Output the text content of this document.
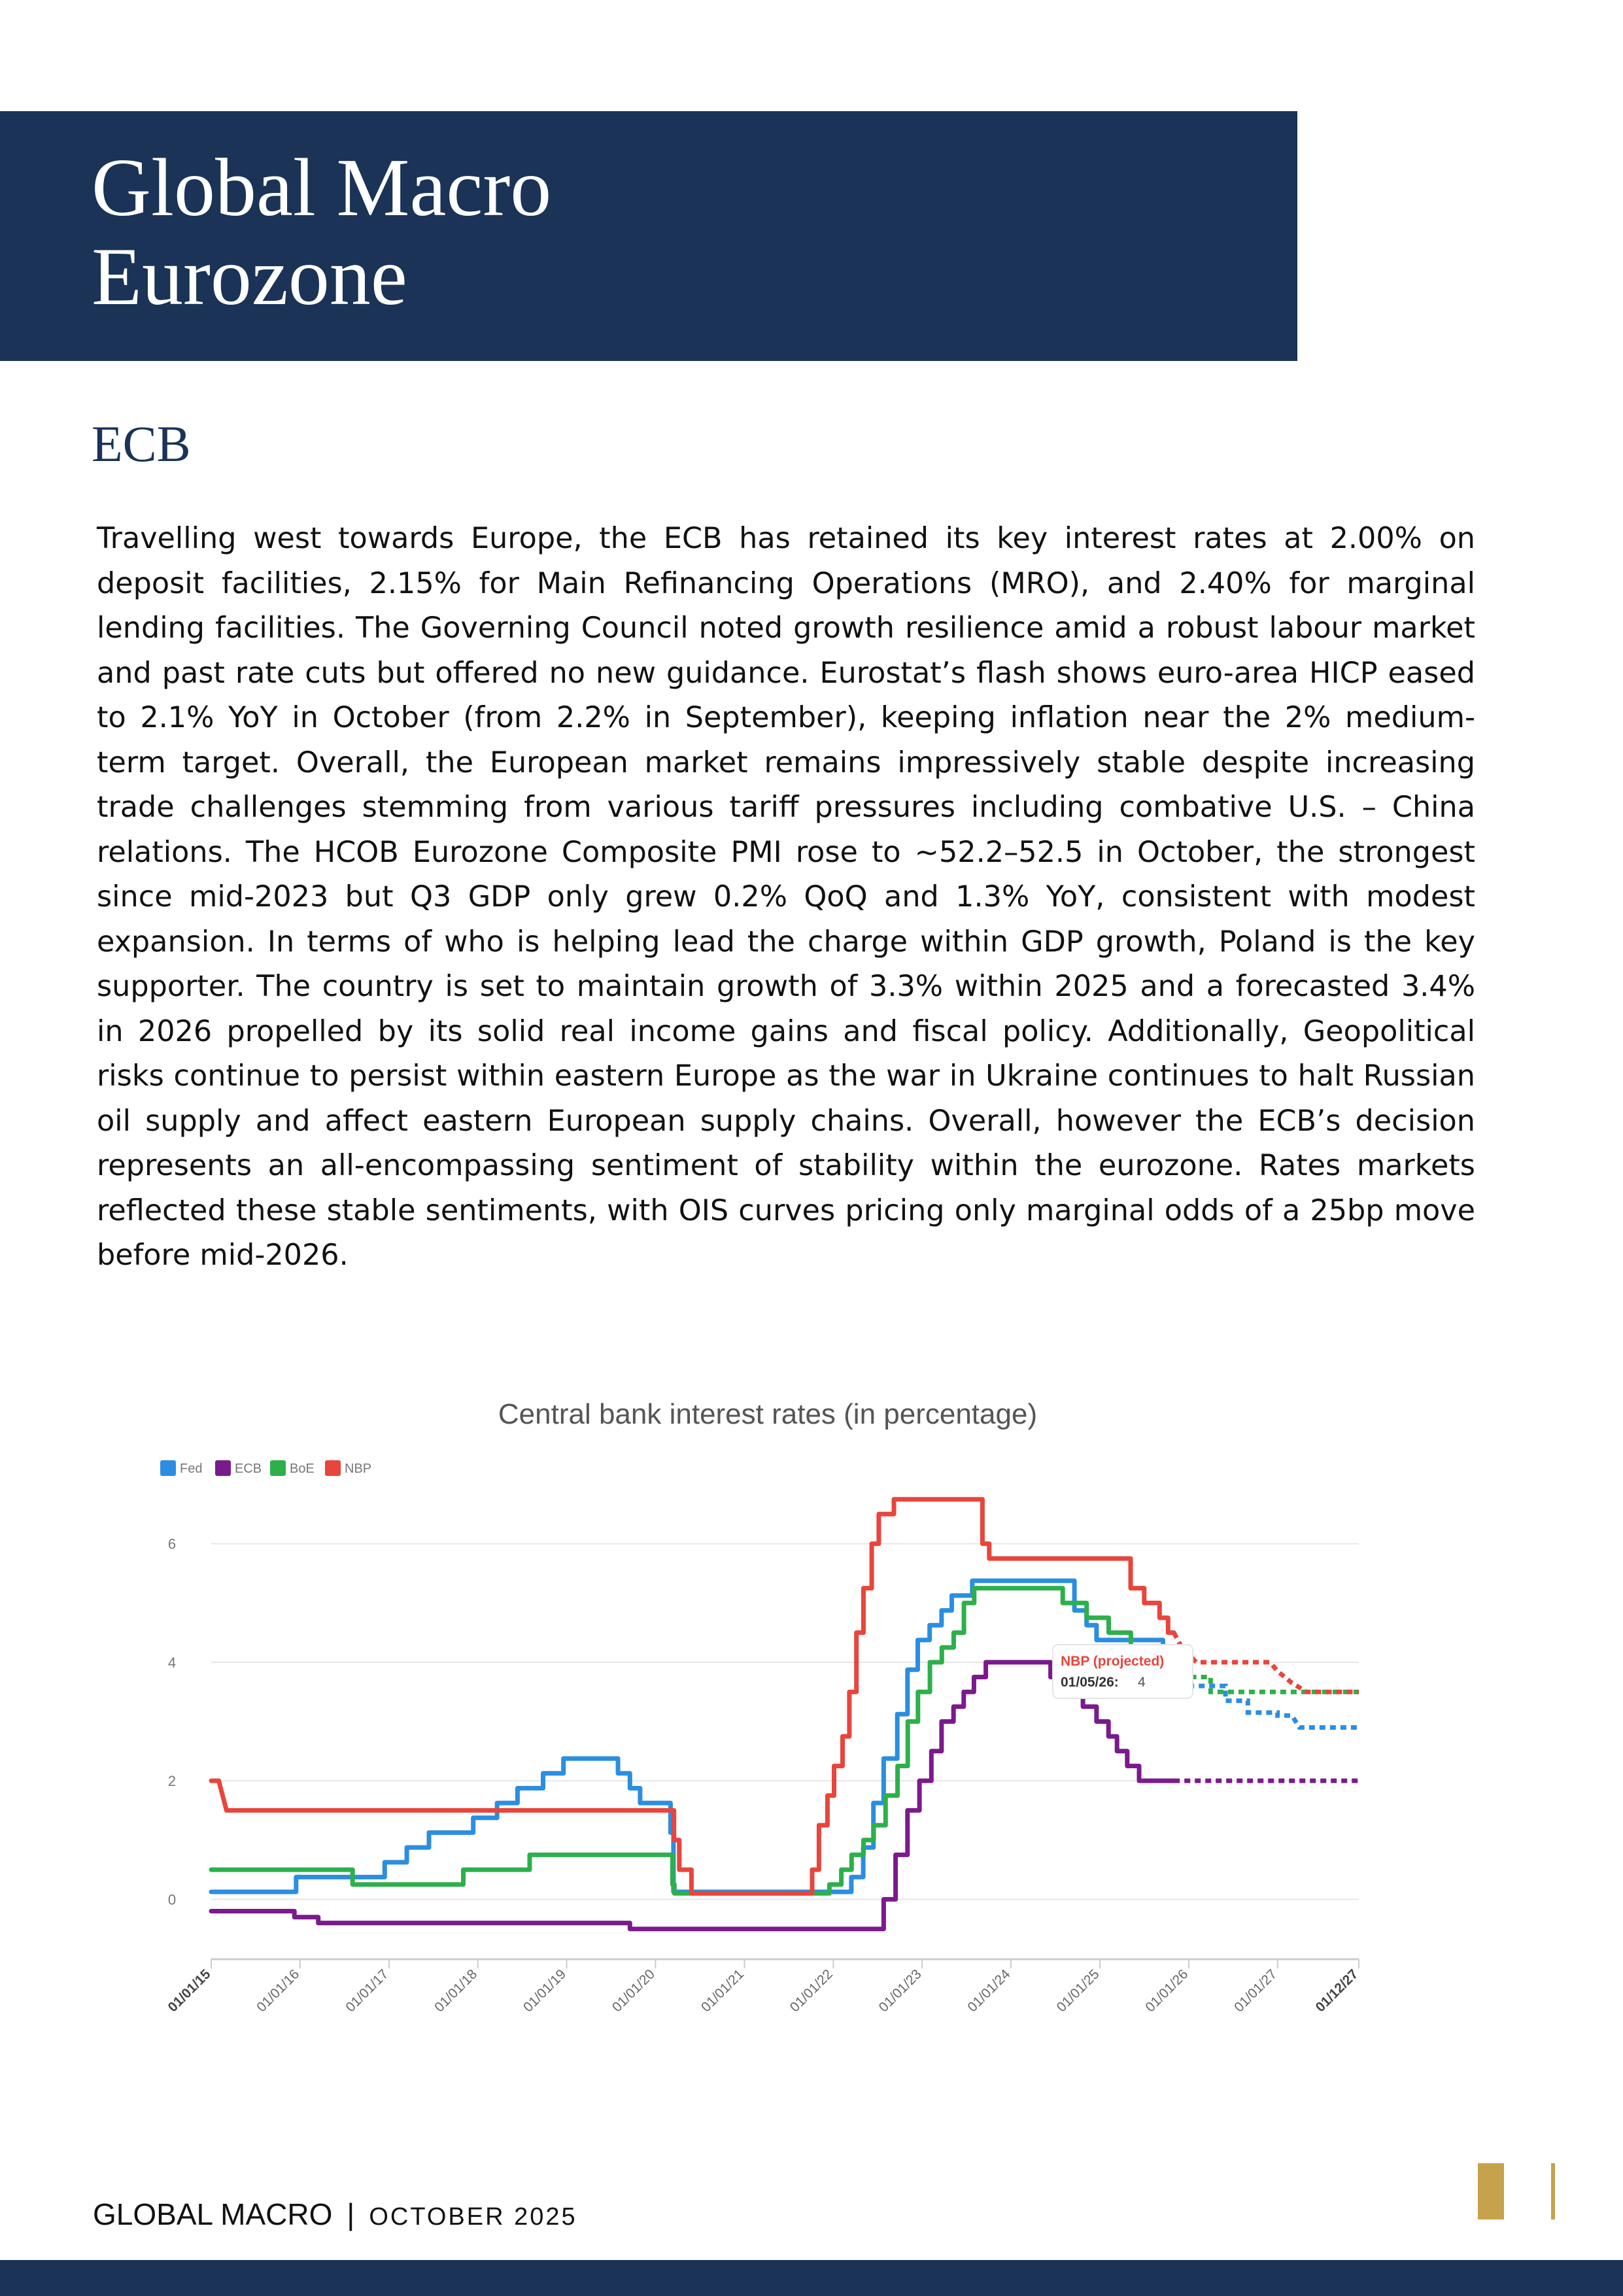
Global Macro
Eurozone
ECB

Travelling west towards Europe, the ECB has retained its key interest rates at 2.00% on deposit facilities, 2.15% for Main Refinancing Operations (MRO), and 2.40% for marginal lending facilities. The Governing Council noted growth resilience amid a robust labour market and past rate cuts but offered no new guidance. Eurostat’s flash shows euro-area HICP eased to 2.1% YoY in October (from 2.2% in September), keeping inflation near the 2% medium-term target. Overall, the European market remains impressively stable despite increasing trade challenges stemming from various tariff pressures including combative U.S. – China relations. The HCOB Eurozone Composite PMI rose to ~52.2–52.5 in October, the strongest since mid-2023 but Q3 GDP only grew 0.2% QoQ and 1.3% YoY, consistent with modest expansion. In terms of who is helping lead the charge within GDP growth, Poland is the key supporter. The country is set to maintain growth of 3.3% within 2025 and a forecasted 3.4% in 2026 propelled by its solid real income gains and fiscal policy. Additionally, Geopolitical risks continue to persist within eastern Europe as the war in Ukraine continues to halt Russian oil supply and affect eastern European supply chains. Overall, however the ECB’s decision represents an all-encompassing sentiment of stability within the eurozone. Rates markets reflected these stable sentiments, with OIS curves pricing only marginal odds of a 25bp move before mid-2026.

Central bank interest rates (in percentage)
Fed ECB BoE NBP
0
2
4
6
01/01/15	01/01/16	01/01/17	01/01/18	01/01/19	01/01/20	01/01/21	01/01/22	01/01/23	01/01/24	01/01/25	01/01/26	01/01/27 01/12/27
NBP (projected)
01/05/26: 4
GLOBAL MACRO | OCTOBER 2025
